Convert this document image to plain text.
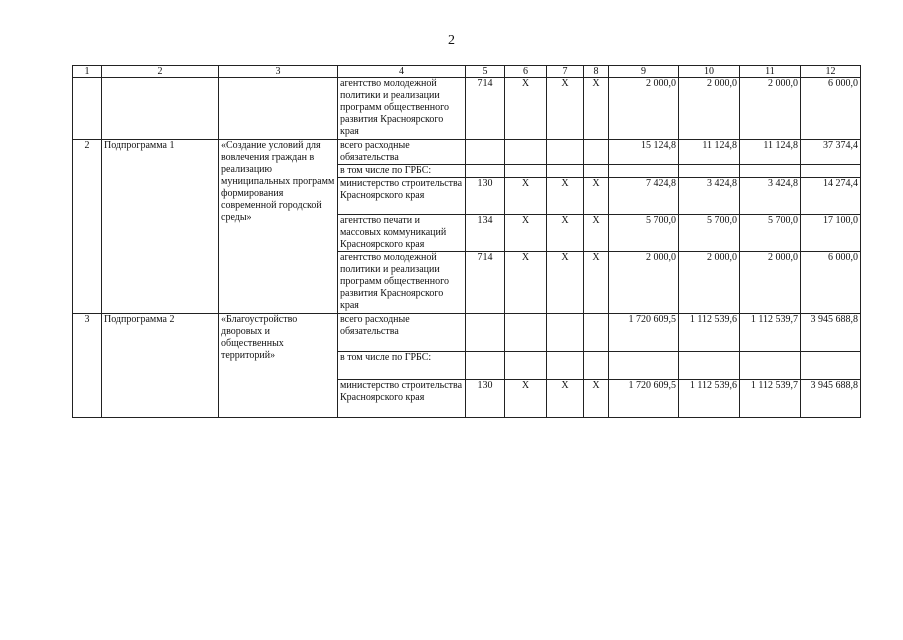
2
1	2	3	4	5	6	7	8	9	10	11	12
			агентство молодежной политики и реализации программ общественного развития Красноярского края	714	Х	Х	Х	2 000,0	2 000,0	2 000,0	6 000,0
2	Подпрограмма 1	«Создание условий для вовлечения граждан в реализацию муниципальных программ формирования современной городской среды»	всего расходные обязательства					15 124,8	11 124,8	11 124,8	37 374,4
			в том числе по ГРБС:								
			министерство строительства Красноярского края	130	Х	Х	Х	7 424,8	3 424,8	3 424,8	14 274,4
			агентство печати и массовых коммуникаций Красноярского края	134	Х	Х	Х	5 700,0	5 700,0	5 700,0	17 100,0
			агентство молодежной политики и реализации программ общественного развития Красноярского края	714	Х	Х	Х	2 000,0	2 000,0	2 000,0	6 000,0
3	Подпрограмма 2	«Благоустройство дворовых и общественных территорий»	всего расходные обязательства					1 720 609,5	1 112 539,6	1 112 539,7	3 945 688,8
			в том числе по ГРБС:								
			министерство строительства Красноярского края	130	Х	Х	Х	1 720 609,5	1 112 539,6	1 112 539,7	3 945 688,8
